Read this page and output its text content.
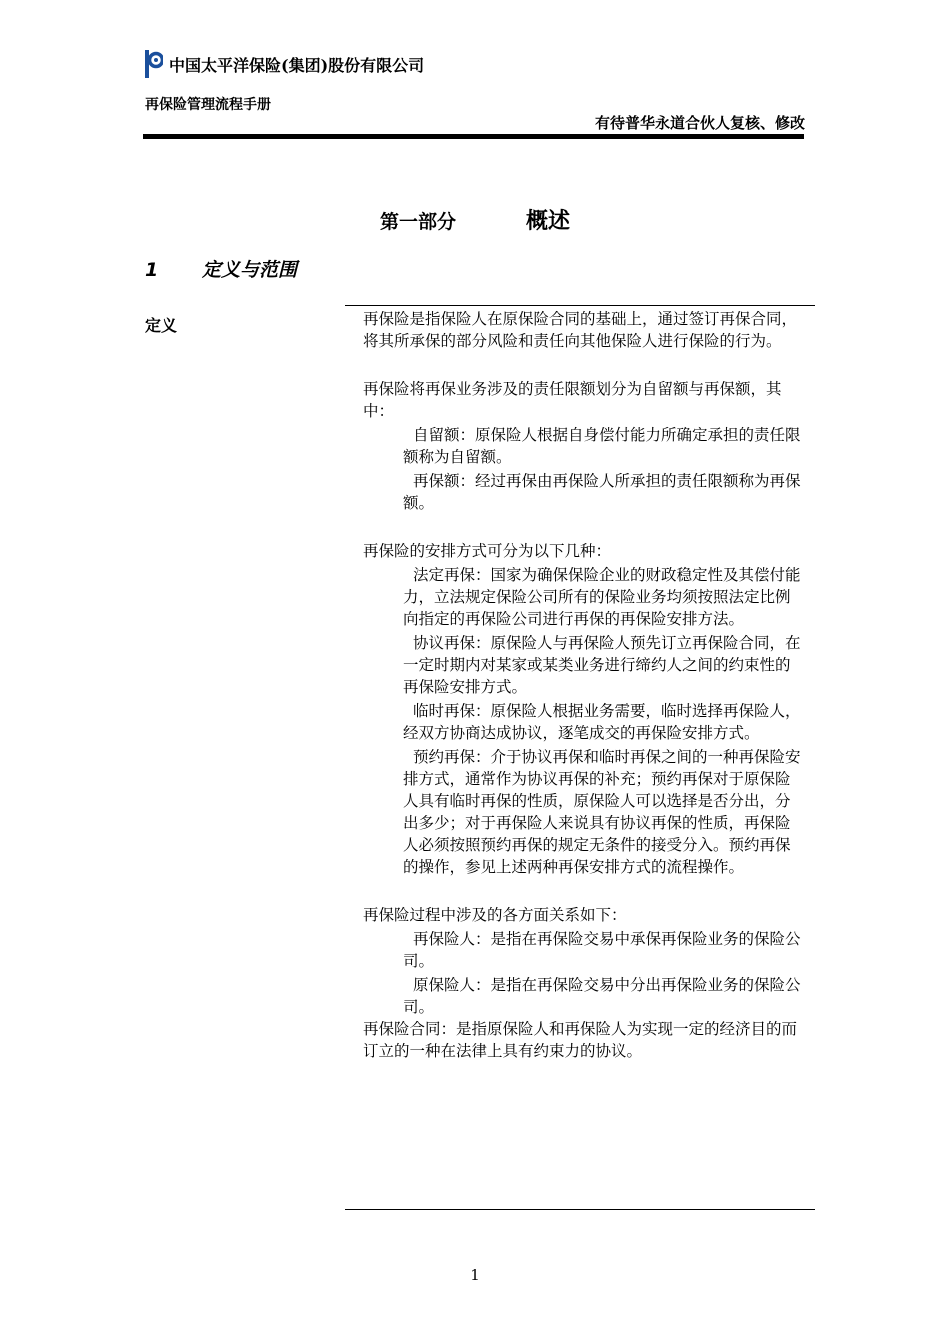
中国太平洋保险(集团)股份有限公司
再保险管理流程手册
有待普华永道合伙人复核、修改
第一部分	概述
1 定义与范围
定义	再保险是指保险人在原保险合同的基础上，通过签订再保合同，将其所承保的部分风险和责任向其他保险人进行保险的行为。

再保险将再保业务涉及的责任限额划分为自留额与再保额，其中：

自留额：原保险人根据自身偿付能力所确定承担的责任限额称为自留额。

再保额：经过再保由再保险人所承担的责任限额称为再保额。

再保险的安排方式可分为以下几种：

法定再保：国家为确保保险企业的财政稳定性及其偿付能力，立法规定保险公司所有的保险业务均须按照法定比例向指定的再保险公司进行再保的再保险安排方法。

协议再保：原保险人与再保险人预先订立再保险合同，在一定时期内对某家或某类业务进行缔约人之间的约束性的再保险安排方式。

临时再保：原保险人根据业务需要，临时选择再保险人，经双方协商达成协议，逐笔成交的再保险安排方式。

预约再保：介于协议再保和临时再保之间的一种再保险安排方式，通常作为协议再保的补充；预约再保对于原保险人具有临时再保的性质，原保险人可以选择是否分出，分出多少；对于再保险人来说具有协议再保的性质，再保险人必须按照预约再保的规定无条件的接受分入。预约再保的操作，参见上述两种再保安排方式的流程操作。

再保险过程中涉及的各方面关系如下：

再保险人：是指在再保险交易中承保再保险业务的保险公司。

原保险人：是指在再保险交易中分出再保险业务的保险公司。

再保险合同：是指原保险人和再保险人为实现一定的经济目的而订立的一种在法律上具有约束力的协议。

1
